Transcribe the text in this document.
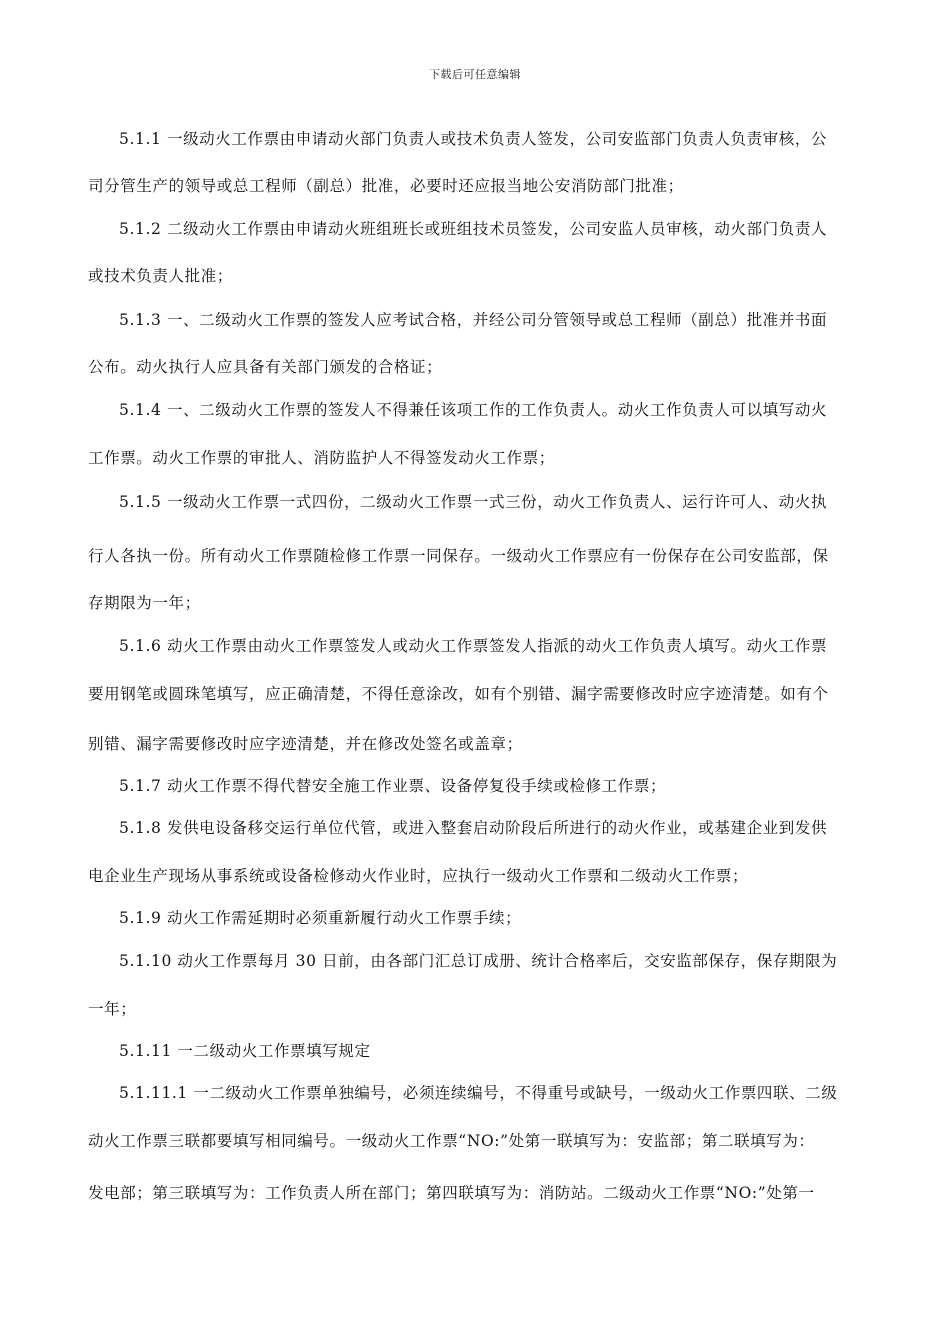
下载后可任意编辑
5.1.1 一级动火工作票由申请动火部门负责人或技术负责人签发，公司安监部门负责人负责审核，公
司分管生产的领导或总工程师（副总）批准，必要时还应报当地公安消防部门批准；
5.1.2 二级动火工作票由申请动火班组班长或班组技术员签发，公司安监人员审核，动火部门负责人
或技术负责人批准；
5.1.3 一、二级动火工作票的签发人应考试合格，并经公司分管领导或总工程师（副总）批准并书面
公布。动火执行人应具备有关部门颁发的合格证；
5.1.4 一、二级动火工作票的签发人不得兼任该项工作的工作负责人。动火工作负责人可以填写动火
工作票。动火工作票的审批人、消防监护人不得签发动火工作票；
5.1.5 一级动火工作票一式四份，二级动火工作票一式三份，动火工作负责人、运行许可人、动火执
行人各执一份。所有动火工作票随检修工作票一同保存。一级动火工作票应有一份保存在公司安监部，保
存期限为一年；
5.1.6 动火工作票由动火工作票签发人或动火工作票签发人指派的动火工作负责人填写。动火工作票
要用钢笔或圆珠笔填写，应正确清楚，不得任意涂改，如有个别错、漏字需要修改时应字迹清楚。如有个
别错、漏字需要修改时应字迹清楚，并在修改处签名或盖章；
5.1.7 动火工作票不得代替安全施工作业票、设备停复役手续或检修工作票；
5.1.8 发供电设备移交运行单位代管，或进入整套启动阶段后所进行的动火作业，或基建企业到发供
电企业生产现场从事系统或设备检修动火作业时，应执行一级动火工作票和二级动火工作票；
5.1.9 动火工作需延期时必须重新履行动火工作票手续；
5.1.10 动火工作票每月 30 日前，由各部门汇总订成册、统计合格率后，交安监部保存，保存期限为
一年；
5.1.11 一二级动火工作票填写规定
5.1.11.1 一二级动火工作票单独编号，必须连续编号，不得重号或缺号，一级动火工作票四联、二级
动火工作票三联都要填写相同编号。一级动火工作票“NO:”处第一联填写为：安监部；第二联填写为：
发电部；第三联填写为：工作负责人所在部门；第四联填写为：消防站。二级动火工作票“NO:”处第一
